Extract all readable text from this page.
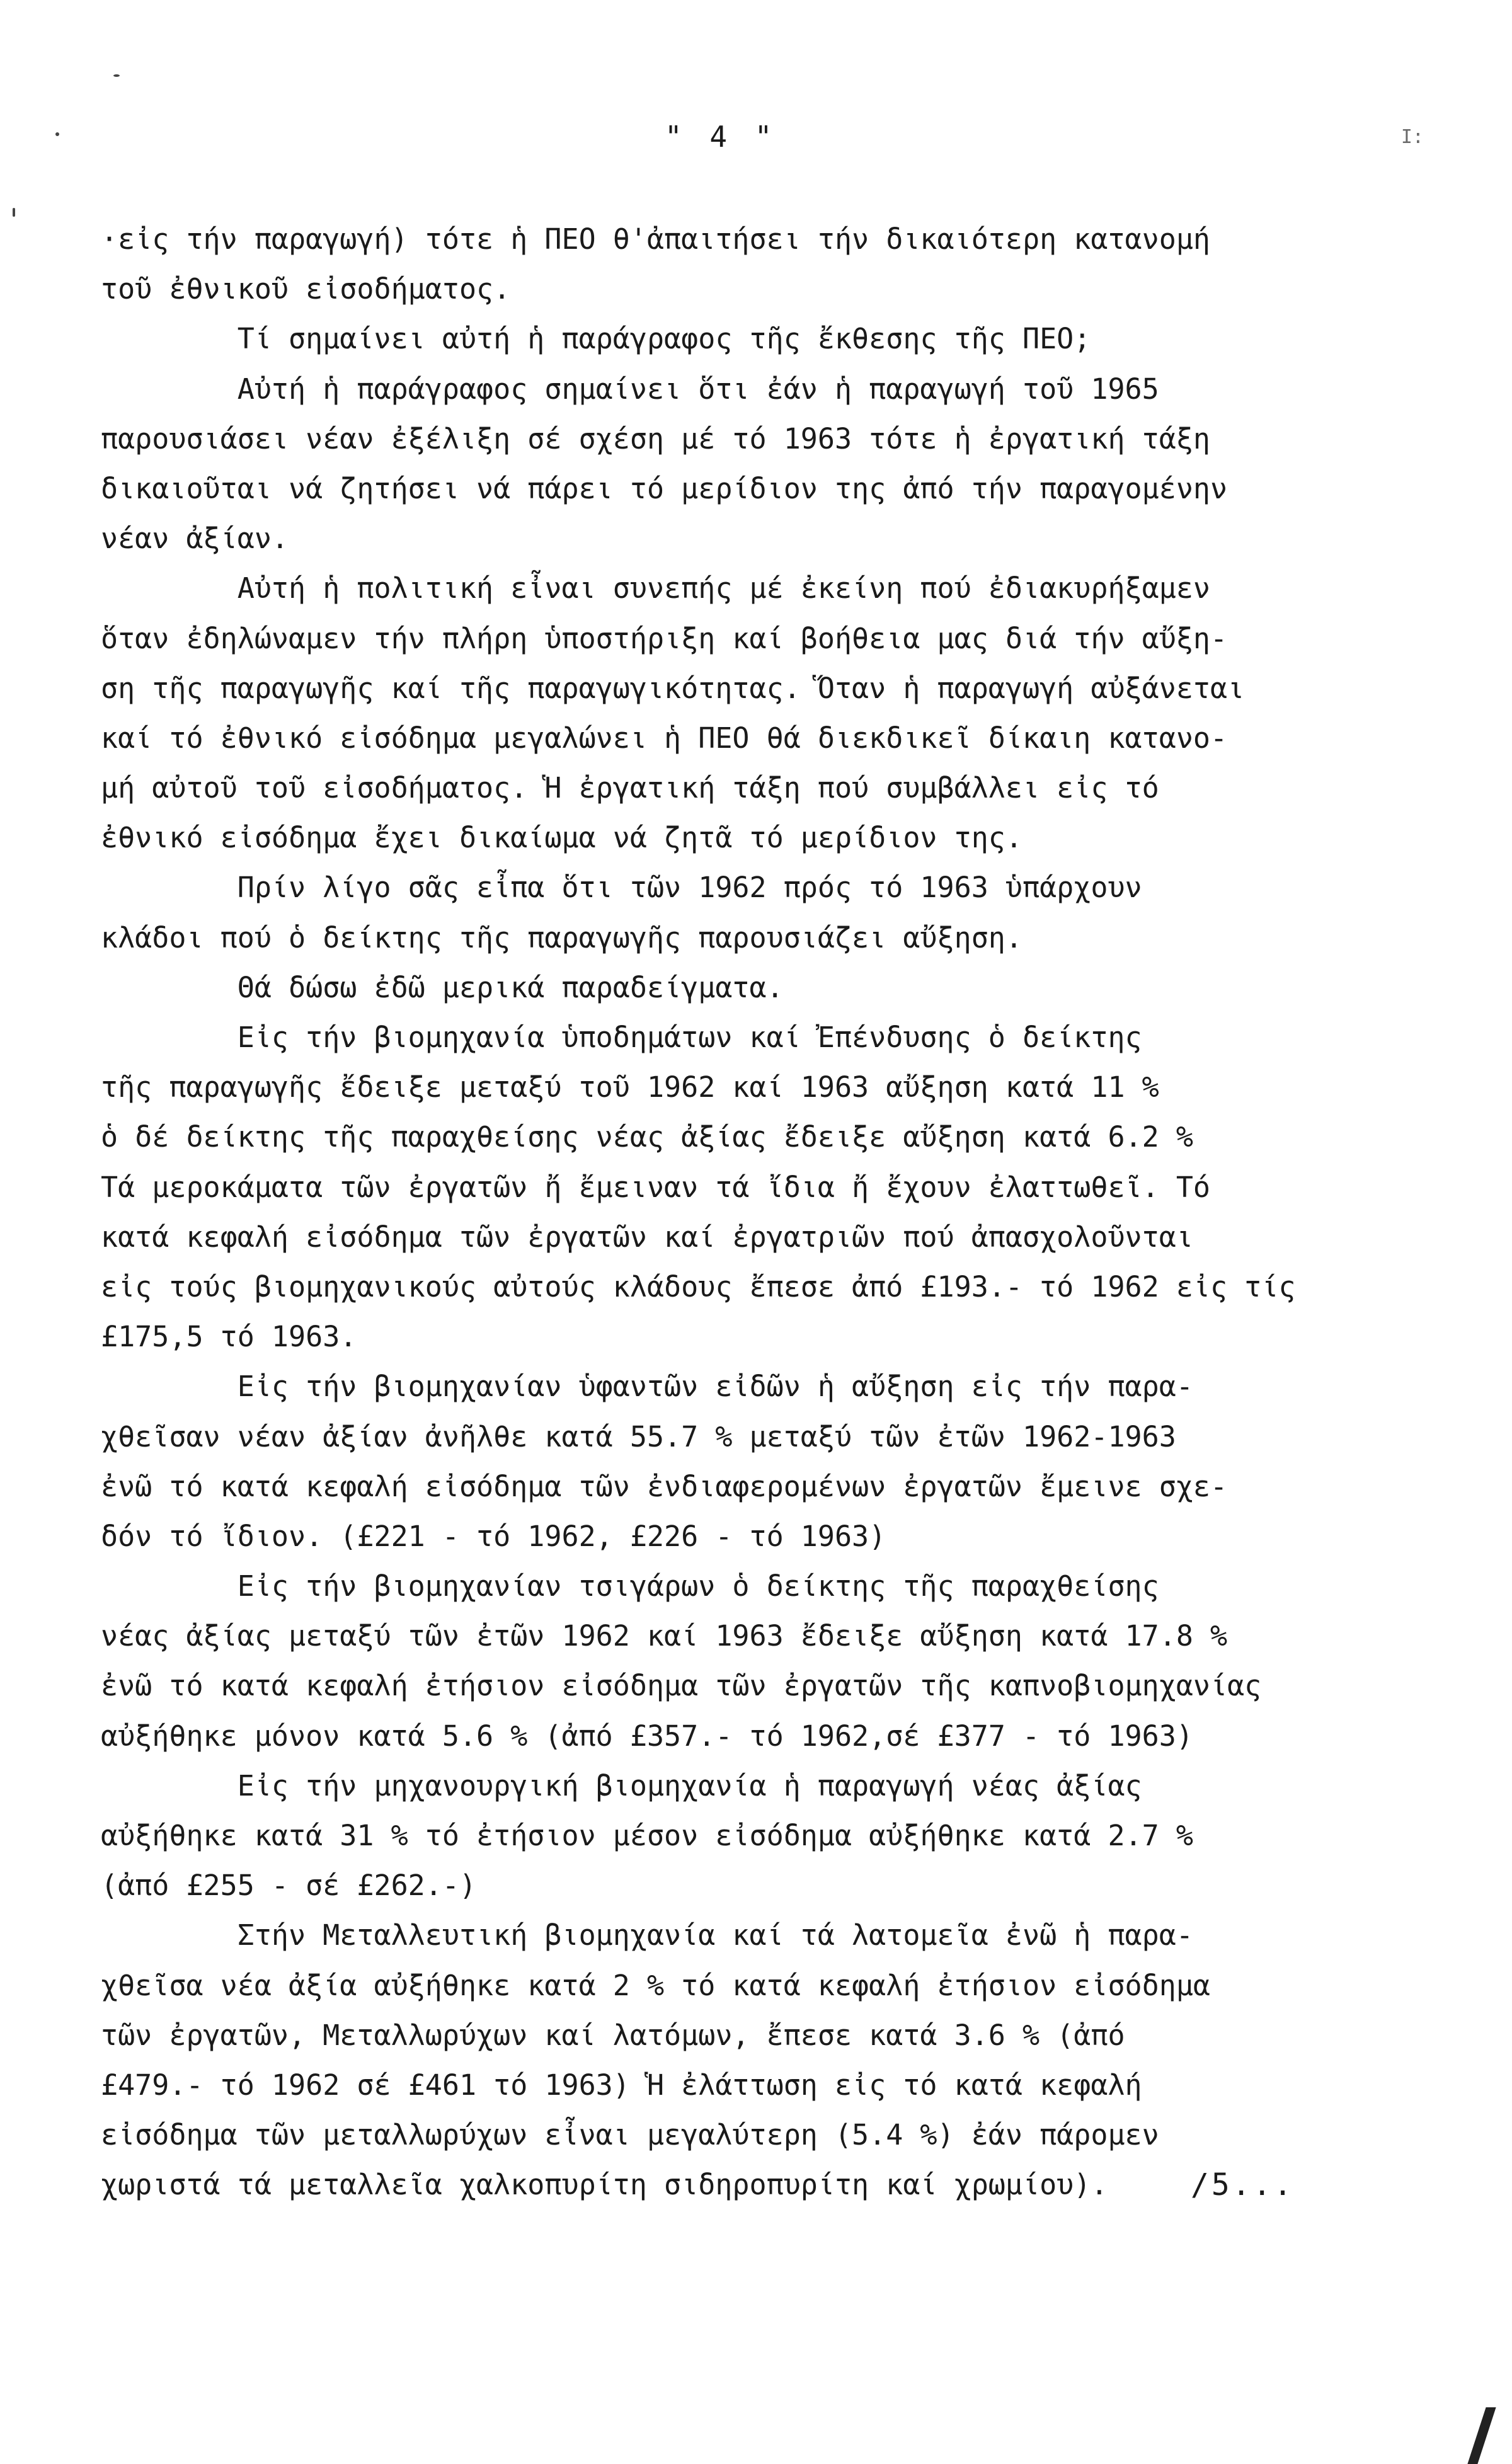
" 4 "	I:
·εἰς τήν παραγωγή) τότε ἡ ΠΕΟ θ'ἀπαιτήσει τήν δικαιότερη κατανομή
τοῦ ἐθνικοῦ εἰσοδήματος.
Τί σημαίνει αὐτή ἡ παράγραφος τῆς ἔκθεσης τῆς ΠΕΟ;
Αὐτή ἡ παράγραφος σημαίνει ὅτι ἐάν ἡ παραγωγή τοῦ 1965
παρουσιάσει νέαν ἐξέλιξη σέ σχέση μέ τό 1963 τότε ἡ ἐργατική τάξη
δικαιοῦται νά ζητήσει νά πάρει τό μερίδιον της ἀπό τήν παραγομένην
νέαν ἀξίαν.
Αὐτή ἡ πολιτική εἶναι συνεπής μέ ἐκείνη πού ἐδιακυρήξαμεν
ὅταν ἐδηλώναμεν τήν πλήρη ὑποστήριξη καί βοήθεια μας διά τήν αὔξη-
ση τῆς παραγωγῆς καί τῆς παραγωγικότητας. Ὅταν ἡ παραγωγή αὐξάνεται
καί τό ἐθνικό εἰσόδημα μεγαλώνει ἡ ΠΕΟ θά διεκδικεῖ δίκαιη κατανο-
μή αὐτοῦ τοῦ εἰσοδήματος. Ἡ ἐργατική τάξη πού συμβάλλει εἰς τό
ἐθνικό εἰσόδημα ἔχει δικαίωμα νά ζητᾶ τό μερίδιον της.
Πρίν λίγο σᾶς εἶπα ὅτι τῶν 1962 πρός τό 1963 ὑπάρχουν
κλάδοι πού ὁ δείκτης τῆς παραγωγῆς παρουσιάζει αὔξηση.
Θά δώσω ἐδῶ μερικά παραδείγματα.
Εἰς τήν βιομηχανία ὑποδημάτων καί Ἐπένδυσης ὁ δείκτης
τῆς παραγωγῆς ἔδειξε μεταξύ τοῦ 1962 καί 1963 αὔξηση κατά 11 %
ὁ δέ δείκτης τῆς παραχθείσης νέας ἀξίας ἔδειξε αὔξηση κατά 6.2 %
Τά μεροκάματα τῶν ἐργατῶν ἤ ἔμειναν τά ἴδια ἤ ἔχουν ἐλαττωθεῖ. Τό
κατά κεφαλή εἰσόδημα τῶν ἐργατῶν καί ἐργατριῶν πού ἀπασχολοῦνται
εἰς τούς βιομηχανικούς αὐτούς κλάδους ἔπεσε ἀπό £193.- τό 1962 εἰς τίς
£175,5 τό 1963.
Εἰς τήν βιομηχανίαν ὑφαντῶν εἰδῶν ἡ αὔξηση εἰς τήν παρα-
χθεῖσαν νέαν ἀξίαν ἀνῆλθε κατά 55.7 % μεταξύ τῶν ἐτῶν 1962-1963
ἐνῶ τό κατά κεφαλή εἰσόδημα τῶν ἐνδιαφερομένων ἐργατῶν ἔμεινε σχε-
δόν τό ἴδιον. (£221 - τό 1962, £226 - τό 1963)
Εἰς τήν βιομηχανίαν τσιγάρων ὁ δείκτης τῆς παραχθείσης
νέας ἀξίας μεταξύ τῶν ἐτῶν 1962 καί 1963 ἔδειξε αὔξηση κατά 17.8 %
ἐνῶ τό κατά κεφαλή ἐτήσιον εἰσόδημα τῶν ἐργατῶν τῆς καπνοβιομηχανίας
αὐξήθηκε μόνον κατά 5.6 % (ἀπό £357.- τό 1962,σέ £377 - τό 1963)
Εἰς τήν μηχανουργική βιομηχανία ἡ παραγωγή νέας ἀξίας
αὐξήθηκε κατά 31 % τό ἐτήσιον μέσον εἰσόδημα αὐξήθηκε κατά 2.7 %
(ἀπό £255 - σέ £262.-)
Στήν Μεταλλευτική βιομηχανία καί τά λατομεῖα ἐνῶ ἡ παρα-
χθεῖσα νέα ἀξία αὐξήθηκε κατά 2 % τό κατά κεφαλή ἐτήσιον εἰσόδημα
τῶν ἐργατῶν, Μεταλλωρύχων καί λατόμων, ἔπεσε κατά 3.6 % (ἀπό
£479.- τό 1962 σέ £461 τό 1963) Ἡ ἐλάττωση εἰς τό κατά κεφαλή
εἰσόδημα τῶν μεταλλωρύχων εἶναι μεγαλύτερη (5.4 %) ἐάν πάρομεν
χωριστά τά μεταλλεῖα χαλκοπυρίτη σιδηροπυρίτη καί χρωμίου).	/5...
